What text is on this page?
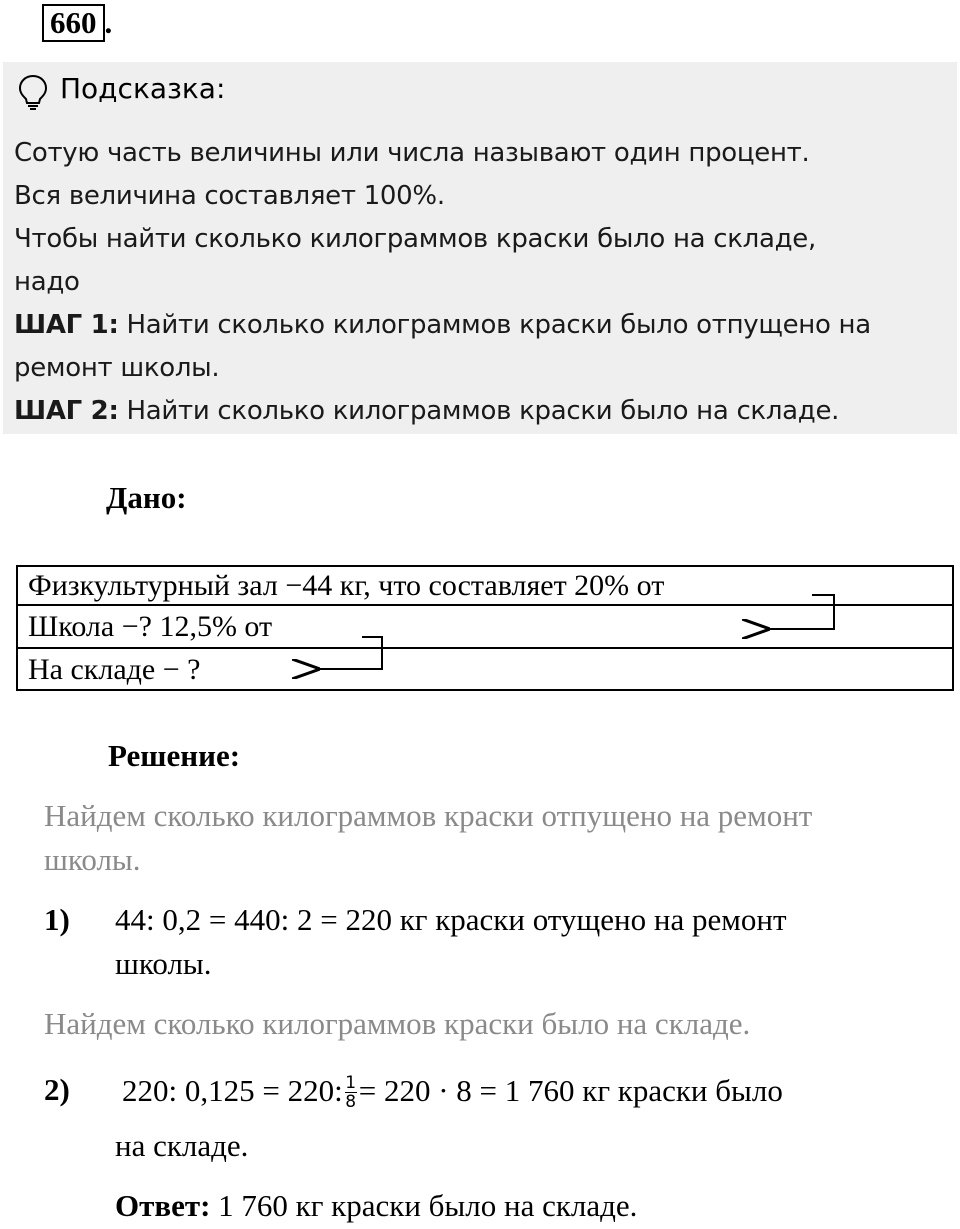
660 .
Подсказка:
Сотую часть величины или числа называют один процент.
Вся величина составляет 100%.
Чтобы найти сколько килограммов краски было на складе,
надо
ШАГ 1: Найти сколько килограммов краски было отпущено на
ремонт школы.
ШАГ 2: Найти сколько килограммов краски было на складе.
Дано:
Физкультурный зал −44 кг, что составляет 20% от
Школа −? 12,5% от
На складе − ?
Решение:
Найдем сколько килограммов краски отпущено на ремонт
школы.
1) 44: 0,2 = 440: 2 = 220 кг краски отущено на ремонт
школы.
Найдем сколько килограммов краски было на складе.
2) 220: 0,125 = 220: 1
8 = 220 · 8 = 1 760 кг краски было
на складе.
Ответ: 1 760 кг краски было на складе.
